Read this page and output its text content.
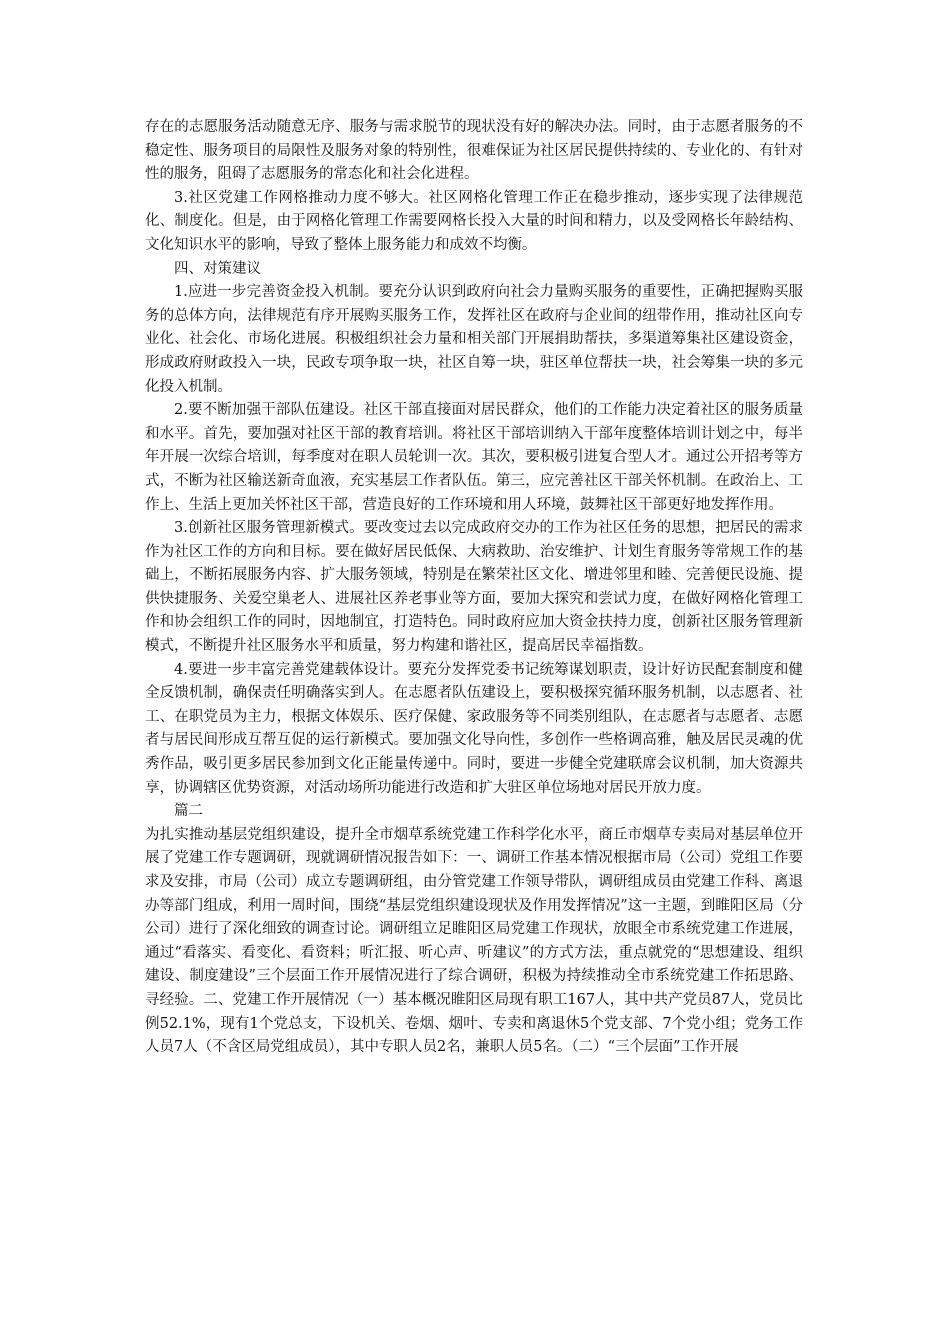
存在的志愿服务活动随意无序、服务与需求脱节的现状没有好的解决办法。同时，由于志愿者服务的不稳定性、服务项目的局限性及服务对象的特别性，很难保证为社区居民提供持续的、专业化的、有针对性的服务，阻碍了志愿服务的常态化和社会化进程。

3.社区党建工作网格推动力度不够大。社区网格化管理工作正在稳步推动，逐步实现了法律规范化、制度化。但是，由于网格化管理工作需要网格长投入大量的时间和精力，以及受网格长年龄结构、文化知识水平的影响，导致了整体上服务能力和成效不均衡。

四、对策建议

1.应进一步完善资金投入机制。要充分认识到政府向社会力量购买服务的重要性，正确把握购买服务的总体方向，法律规范有序开展购买服务工作，发挥社区在政府与企业间的纽带作用，推动社区向专业化、社会化、市场化进展。积极组织社会力量和相关部门开展捐助帮扶，多渠道筹集社区建设资金，形成政府财政投入一块，民政专项争取一块，社区自筹一块，驻区单位帮扶一块，社会筹集一块的多元化投入机制。

2.要不断加强干部队伍建设。社区干部直接面对居民群众，他们的工作能力决定着社区的服务质量和水平。首先，要加强对社区干部的教育培训。将社区干部培训纳入干部年度整体培训计划之中，每半年开展一次综合培训，每季度对在职人员轮训一次。其次，要积极引进复合型人才。通过公开招考等方式，不断为社区输送新奇血液，充实基层工作者队伍。第三，应完善社区干部关怀机制。在政治上、工作上、生活上更加关怀社区干部，营造良好的工作环境和用人环境，鼓舞社区干部更好地发挥作用。

3.创新社区服务管理新模式。要改变过去以完成政府交办的工作为社区任务的思想，把居民的需求作为社区工作的方向和目标。要在做好居民低保、大病救助、治安维护、计划生育服务等常规工作的基础上，不断拓展服务内容、扩大服务领域，特别是在繁荣社区文化、增进邻里和睦、完善便民设施、提供快捷服务、关爱空巢老人、进展社区养老事业等方面，要加大探究和尝试力度，在做好网格化管理工作和协会组织工作的同时，因地制宜，打造特色。同时政府应加大资金扶持力度，创新社区服务管理新模式，不断提升社区服务水平和质量，努力构建和谐社区，提高居民幸福指数。

4.要进一步丰富完善党建载体设计。要充分发挥党委书记统筹谋划职责，设计好访民配套制度和健全反馈机制，确保责任明确落实到人。在志愿者队伍建设上，要积极探究循环服务机制，以志愿者、社工、在职党员为主力，根据文体娱乐、医疗保健、家政服务等不同类别组队，在志愿者与志愿者、志愿者与居民间形成互帮互促的运行新模式。要加强文化导向性，多创作一些格调高雅，触及居民灵魂的优秀作品，吸引更多居民参加到文化正能量传递中。同时，要进一步健全党建联席会议机制，加大资源共享，协调辖区优势资源，对活动场所功能进行改造和扩大驻区单位场地对居民开放力度。

篇二

为扎实推动基层党组织建设，提升全市烟草系统党建工作科学化水平，商丘市烟草专卖局对基层单位开展了党建工作专题调研，现就调研情况报告如下：一、调研工作基本情况根据市局（公司）党组工作要求及安排，市局（公司）成立专题调研组，由分管党建工作领导带队，调研组成员由党建工作科、离退办等部门组成，利用一周时间，围绕“基层党组织建设现状及作用发挥情况”这一主题，到睢阳区局（分公司）进行了深化细致的调查讨论。调研组立足睢阳区局党建工作现状，放眼全市系统党建工作进展，通过“看落实、看变化、看资料；听汇报、听心声、听建议”的方式方法，重点就党的“思想建设、组织建设、制度建设”三个层面工作开展情况进行了综合调研，积极为持续推动全市系统党建工作拓思路、寻经验。二、党建工作开展情况（一）基本概况睢阳区局现有职工167人，其中共产党员87人，党员比例52.1%，现有1个党总支，下设机关、卷烟、烟叶、专卖和离退休5个党支部、7个党小组；党务工作人员7人（不含区局党组成员），其中专职人员2名，兼职人员5名。（二）“三个层面”工作开展
